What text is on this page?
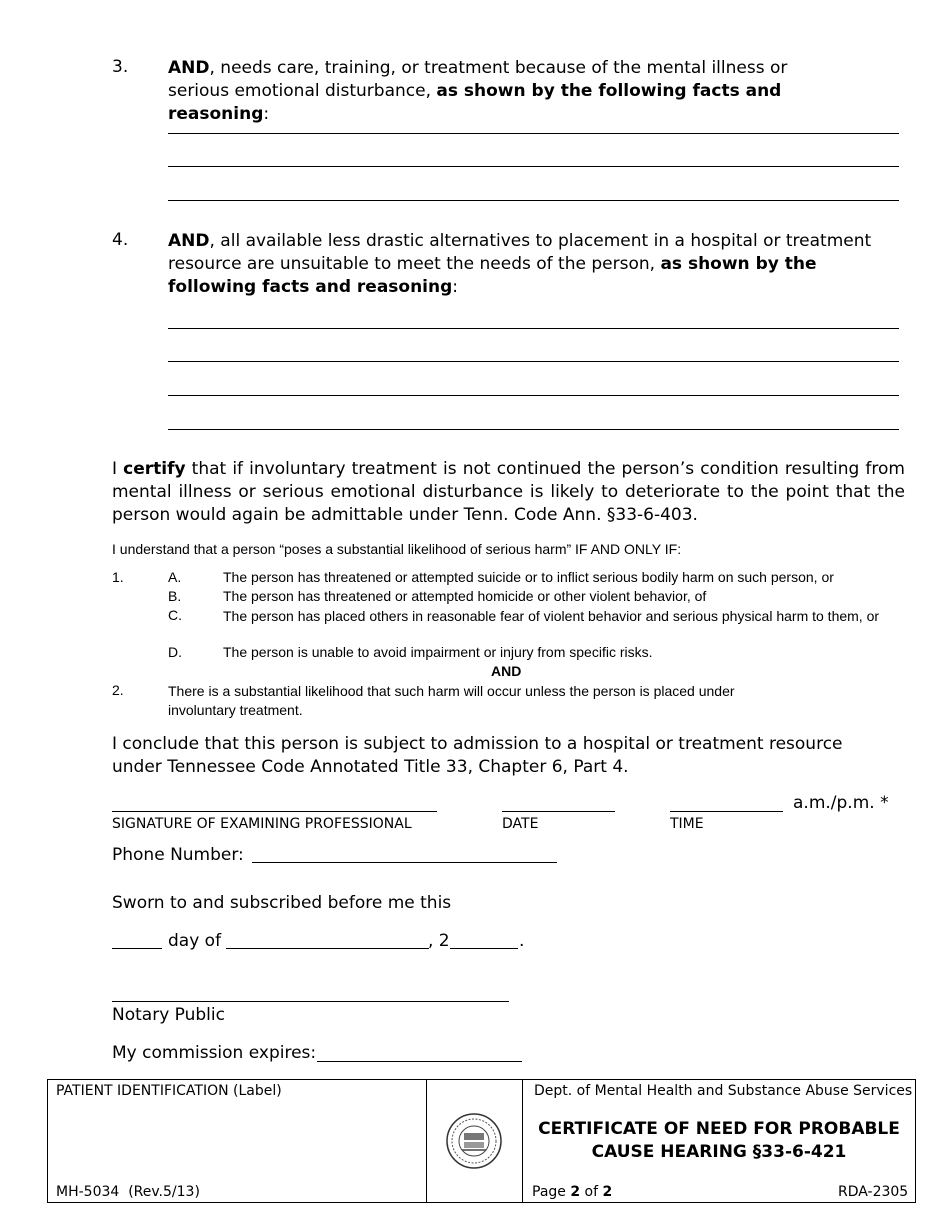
3. AND, needs care, training, or treatment because of the mental illness or serious emotional disturbance, as shown by the following facts and reasoning:
4. AND, all available less drastic alternatives to placement in a hospital or treatment resource are unsuitable to meet the needs of the person, as shown by the following facts and reasoning:
I certify that if involuntary treatment is not continued the person’s condition resulting from mental illness or serious emotional disturbance is likely to deteriorate to the point that the person would again be admittable under Tenn. Code Ann. §33-6-403.
I understand that a person “poses a substantial likelihood of serious harm” IF AND ONLY IF:
1.	A.	The person has threatened or attempted suicide or to inflict serious bodily harm on such person, or
B.	The person has threatened or attempted homicide or other violent behavior, of
C.	The person has placed others in reasonable fear of violent behavior and serious physical harm to them, or
D.	The person is unable to avoid impairment or injury from specific risks.
AND
2.	There is a substantial likelihood that such harm will occur unless the person is placed under involuntary treatment.
I conclude that this person is subject to admission to a hospital or treatment resource under Tennessee Code Annotated Title 33, Chapter 6, Part 4.
a.m./p.m. *
SIGNATURE OF EXAMINING PROFESSIONAL	DATE	TIME
Phone Number:
Sworn to and subscribed before me this
day of	, 2	.
Notary Public
My commission expires:
PATIENT IDENTIFICATION (Label)
MH-5034  (Rev.5/13)
Dept. of Mental Health and Substance Abuse Services
CERTIFICATE OF NEED FOR PROBABLE
CAUSE HEARING §33-6-421
Page 2 of 2	RDA-2305
